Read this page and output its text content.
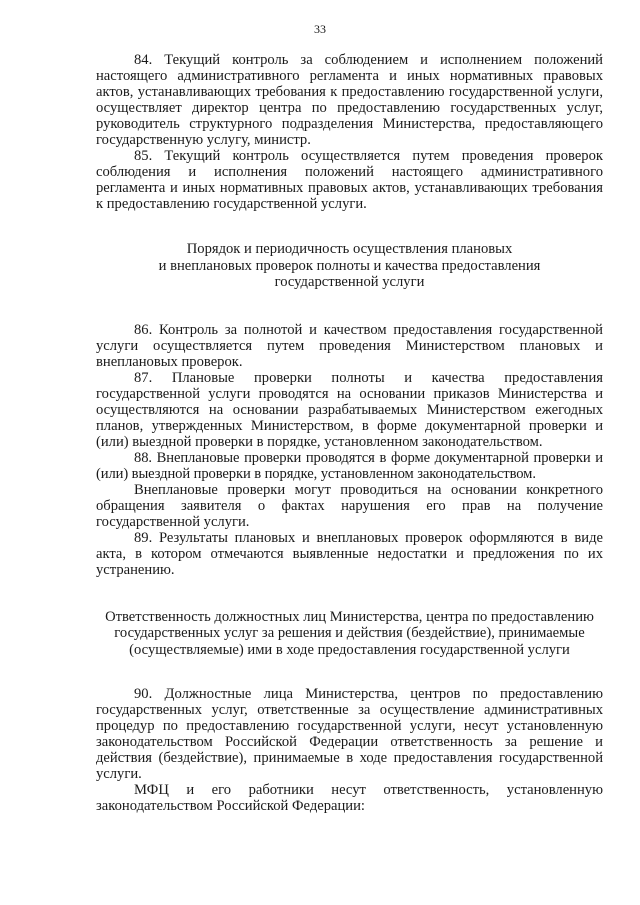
33

84. Текущий контроль за соблюдением и исполнением положений настоящего административного регламента и иных нормативных правовых актов, устанавливающих требования к предоставлению государственной услуги, осуществляет директор центра по предоставлению государственных услуг, руководитель структурного подразделения Министерства, предоставляющего государственную услугу, министр.

85. Текущий контроль осуществляется путем проведения проверок соблюдения и исполнения положений настоящего административного регламента и иных нормативных правовых актов, устанавливающих требования к предоставлению государственной услуги.

Порядок и периодичность осуществления плановых
и внеплановых проверок полноты и качества предоставления
государственной услуги

86. Контроль за полнотой и качеством предоставления государственной услуги осуществляется путем проведения Министерством плановых и внеплановых проверок.

87. Плановые проверки полноты и качества предоставления государственной услуги проводятся на основании приказов Министерства и осуществляются на основании разрабатываемых Министерством ежегодных планов, утвержденных Министерством, в форме документарной проверки и (или) выездной проверки в порядке, установленном законодательством.

88. Внеплановые проверки проводятся в форме документарной проверки и (или) выездной проверки в порядке, установленном законодательством.

Внеплановые проверки могут проводиться на основании конкретного обращения заявителя о фактах нарушения его прав на получение государственной услуги.

89. Результаты плановых и внеплановых проверок оформляются в виде акта, в котором отмечаются выявленные недостатки и предложения по их устранению.

Ответственность должностных лиц Министерства, центра по предоставлению
государственных услуг за решения и действия (бездействие), принимаемые
(осуществляемые) ими в ходе предоставления государственной услуги

90. Должностные лица Министерства, центров по предоставлению государственных услуг, ответственные за осуществление административных процедур по предоставлению государственной услуги, несут установленную законодательством Российской Федерации ответственность за решение и действия (бездействие), принимаемые в ходе предоставления государственной услуги.

МФЦ и его работники несут ответственность, установленную законодательством Российской Федерации:
